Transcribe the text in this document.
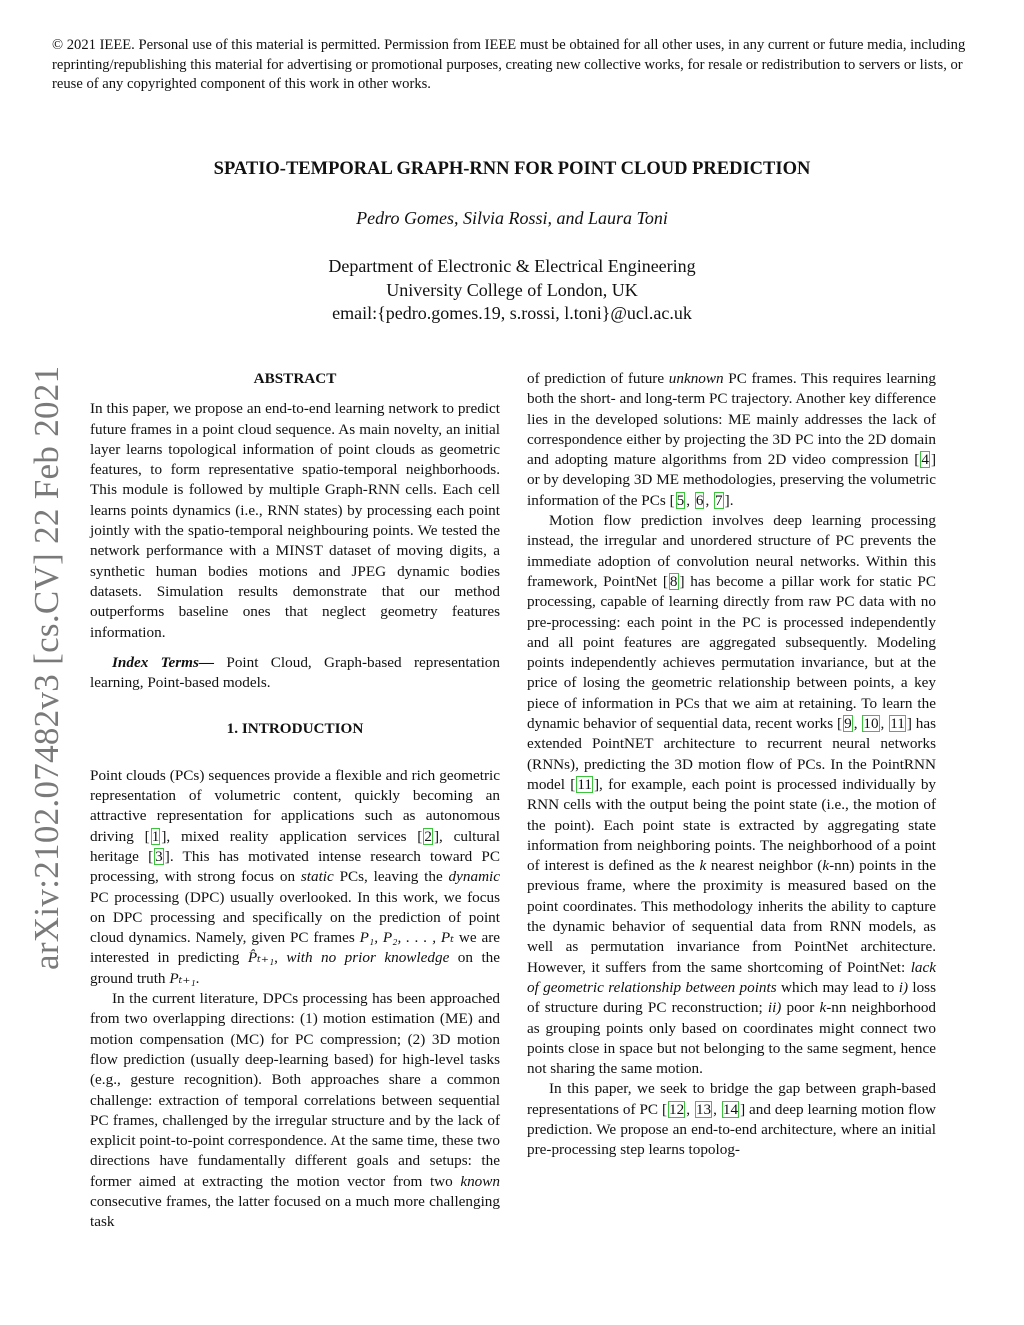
© 2021 IEEE. Personal use of this material is permitted. Permission from IEEE must be obtained for all other uses, in any current or future media, including reprinting/republishing this material for advertising or promotional purposes, creating new collective works, for resale or redistribution to servers or lists, or reuse of any copyrighted component of this work in other works.
arXiv:2102.07482v3 [cs.CV] 22 Feb 2021
SPATIO-TEMPORAL GRAPH-RNN FOR POINT CLOUD PREDICTION
Pedro Gomes, Silvia Rossi, and Laura Toni
Department of Electronic & Electrical Engineering
University College of London, UK
email:{pedro.gomes.19, s.rossi, l.toni}@ucl.ac.uk

ABSTRACT

In this paper, we propose an end-to-end learning network to predict future frames in a point cloud sequence. As main novelty, an initial layer learns topological information of point clouds as geometric features, to form representative spatio-temporal neighborhoods. This module is followed by multiple Graph-RNN cells. Each cell learns points dynamics (i.e., RNN states) by processing each point jointly with the spatio-temporal neighbouring points. We tested the network performance with a MINST dataset of moving digits, a synthetic human bodies motions and JPEG dynamic bodies datasets. Simulation results demonstrate that our method outperforms baseline ones that neglect geometry features information.

Index Terms— Point Cloud, Graph-based representation learning, Point-based models.

1. INTRODUCTION

Point clouds (PCs) sequences provide a flexible and rich geometric representation of volumetric content, quickly becoming an attractive representation for applications such as autonomous driving [ 1 ], mixed reality application services [ 2 ], cultural heritage [ 3 ]. This has motivated intense research toward PC processing, with strong focus on static PCs, leaving the dynamic PC processing (DPC) usually overlooked. In this work, we focus on DPC processing and specifically on the prediction of point cloud dynamics. Namely, given PC frames P₁, P₂, . . . , Pₜ we are interested in predicting P̂ₜ₊₁, with no prior knowledge on the ground truth Pₜ₊₁.

In the current literature, DPCs processing has been approached from two overlapping directions: (1) motion estimation (ME) and motion compensation (MC) for PC compression; (2) 3D motion flow prediction (usually deep-learning based) for high-level tasks (e.g., gesture recognition). Both approaches share a common challenge: extraction of temporal correlations between sequential PC frames, challenged by the irregular structure and by the lack of explicit point-to-point correspondence. At the same time, these two directions have fundamentally different goals and setups: the former aimed at extracting the motion vector from two known consecutive frames, the latter focused on a much more challenging task

of prediction of future unknown PC frames. This requires learning both the short- and long-term PC trajectory. Another key difference lies in the developed solutions: ME mainly addresses the lack of correspondence either by projecting the 3D PC into the 2D domain and adopting mature algorithms from 2D video compression [ 4 ] or by developing 3D ME methodologies, preserving the volumetric information of the PCs [ 5 , 6 , 7 ].

Motion flow prediction involves deep learning processing instead, the irregular and unordered structure of PC prevents the immediate adoption of convolution neural networks. Within this framework, PointNet [ 8 ] has become a pillar work for static PC processing, capable of learning directly from raw PC data with no pre-processing: each point in the PC is processed independently and all point features are aggregated subsequently. Modeling points independently achieves permutation invariance, but at the price of losing the geometric relationship between points, a key piece of information in PCs that we aim at retaining. To learn the dynamic behavior of sequential data, recent works [ 9 , 10 , 11 ] has extended PointNET architecture to recurrent neural networks (RNNs), predicting the 3D motion flow of PCs. In the PointRNN model [ 11 ], for example, each point is processed individually by RNN cells with the output being the point state (i.e., the motion of the point). Each point state is extracted by aggregating state information from neighboring points. The neighborhood of a point of interest is defined as the k nearest neighbor (k-nn) points in the previous frame, where the proximity is measured based on the point coordinates. This methodology inherits the ability to capture the dynamic behavior of sequential data from RNN models, as well as permutation invariance from PointNet architecture. However, it suffers from the same shortcoming of PointNet: lack of geometric relationship between points which may lead to i) loss of structure during PC reconstruction; ii) poor k-nn neighborhood as grouping points only based on coordinates might connect two points close in space but not belonging to the same segment, hence not sharing the same motion.

In this paper, we seek to bridge the gap between graph-based representations of PC [ 12 , 13 , 14 ] and deep learning motion flow prediction. We propose an end-to-end architecture, where an initial pre-processing step learns topolog-
